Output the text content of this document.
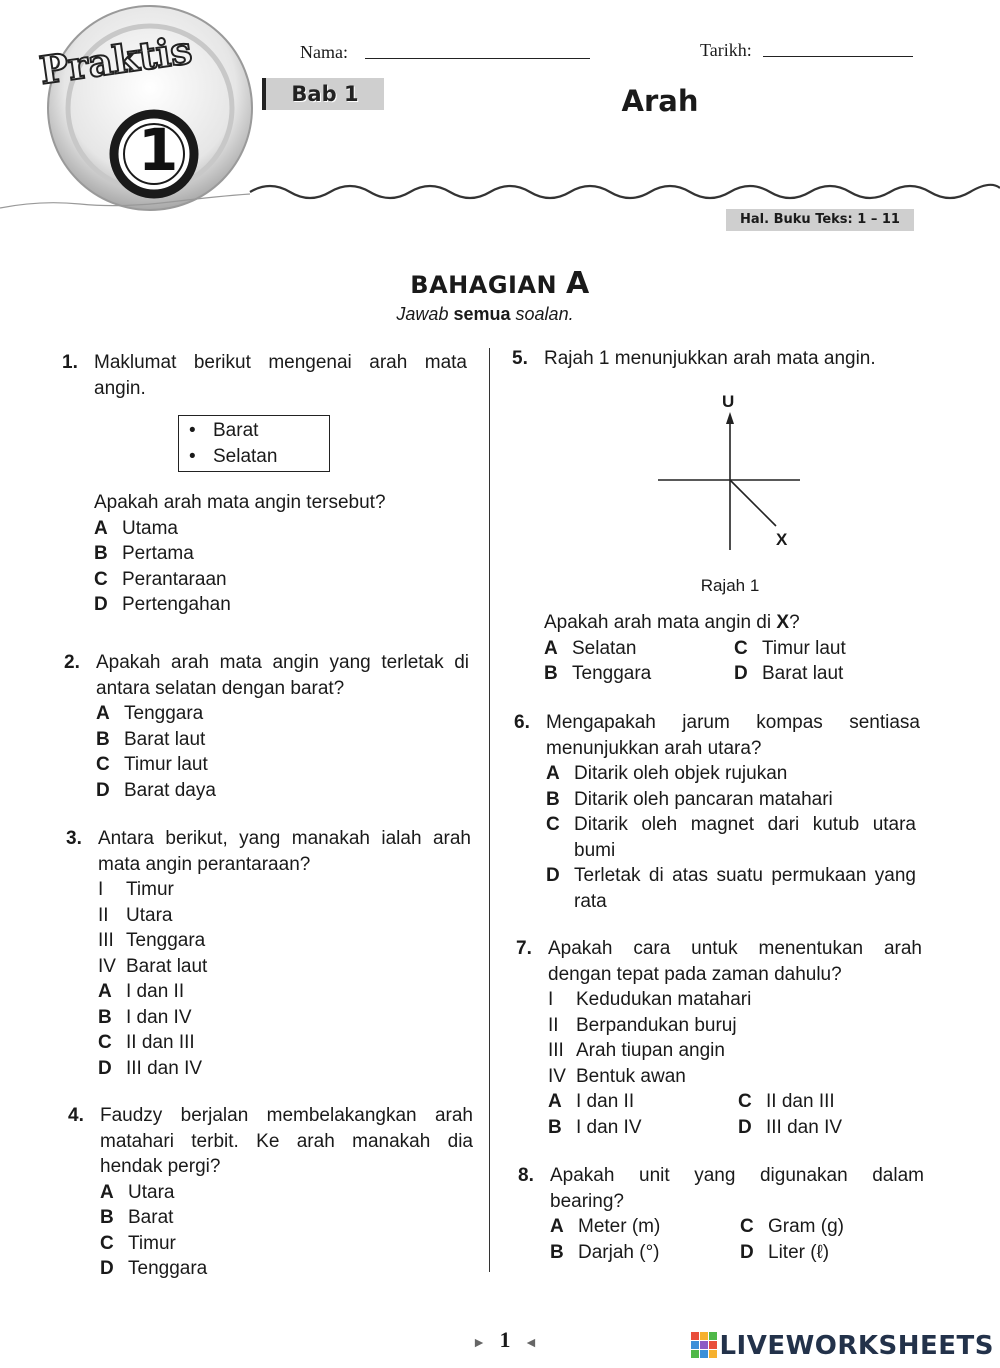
Praktis
1
Nama:	Tarikh:
Bab 1	Arah
Hal. Buku Teks: 1 – 11
BAHAGIAN A
Jawab semua soalan.
1. Maklumat berikut mengenai arah mata angin.
• Barat
• Selatan
Apakah arah mata angin tersebut?
A Utama
B Pertama
C Perantaraan
D Pertengahan
2. Apakah arah mata angin yang terletak di antara selatan dengan barat?
A Tenggara
B Barat laut
C Timur laut
D Barat daya
3. Antara berikut, yang manakah ialah arah mata angin perantaraan?
I Timur
II Utara
III Tenggara
IV Barat laut
A I dan II
B I dan IV
C II dan III
D III dan IV
4. Faudzy berjalan membelakangkan arah matahari terbit. Ke arah manakah dia hendak pergi?
A Utara
B Barat
C Timur
D Tenggara
5. Rajah 1 menunjukkan arah mata angin.
U
X
Rajah 1
Apakah arah mata angin di X?
A Selatan	C Timur laut
B Tenggara	D Barat laut
6. Mengapakah jarum kompas sentiasa menunjukkan arah utara?
A Ditarik oleh objek rujukan
B Ditarik oleh pancaran matahari
C Ditarik oleh magnet dari kutub utara bumi
D Terletak di atas suatu permukaan yang rata
7. Apakah cara untuk menentukan arah dengan tepat pada zaman dahulu?
I Kedudukan matahari
II Berpandukan buruj
III Arah tiupan angin
IV Bentuk awan
A I dan II	C II dan III
B I dan IV	D III dan IV
8. Apakah unit yang digunakan dalam bearing?
A Meter (m)	C Gram (g)
B Darjah (°)	D Liter (ℓ)
► 1 ◄	LIVEWORKSHEETS
